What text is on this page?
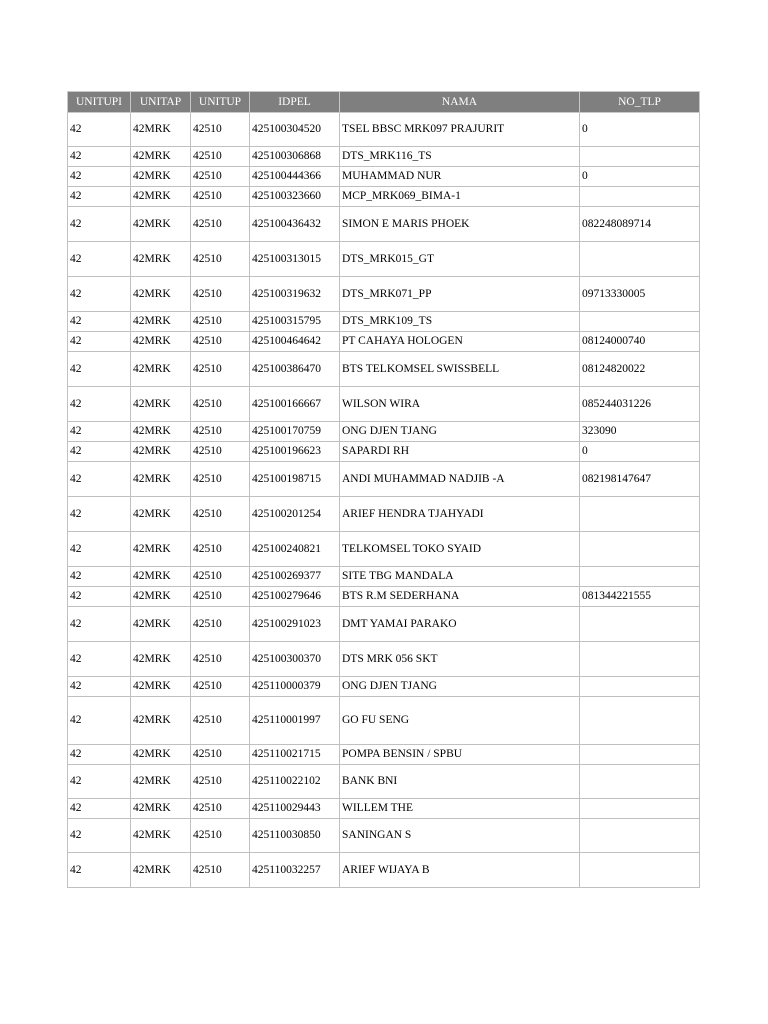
UNITUPI	UNITAP	UNITUP	IDPEL	NAMA	NO_TLP
42	42MRK	42510	425100304520	TSEL BBSC MRK097 PRAJURIT	0
42	42MRK	42510	425100306868	DTS_MRK116_TS	
42	42MRK	42510	425100444366	MUHAMMAD NUR	0
42	42MRK	42510	425100323660	MCP_MRK069_BIMA-1	
42	42MRK	42510	425100436432	SIMON E MARIS PHOEK	082248089714
42	42MRK	42510	425100313015	DTS_MRK015_GT	
42	42MRK	42510	425100319632	DTS_MRK071_PP	09713330005
42	42MRK	42510	425100315795	DTS_MRK109_TS	
42	42MRK	42510	425100464642	PT CAHAYA HOLOGEN	08124000740
42	42MRK	42510	425100386470	BTS TELKOMSEL SWISSBELL	08124820022
42	42MRK	42510	425100166667	WILSON WIRA	085244031226
42	42MRK	42510	425100170759	ONG DJEN TJANG	323090
42	42MRK	42510	425100196623	SAPARDI RH	0
42	42MRK	42510	425100198715	ANDI MUHAMMAD NADJIB -A	082198147647
42	42MRK	42510	425100201254	ARIEF HENDRA TJAHYADI	
42	42MRK	42510	425100240821	TELKOMSEL TOKO SYAID	
42	42MRK	42510	425100269377	SITE TBG MANDALA	
42	42MRK	42510	425100279646	BTS R.M SEDERHANA	081344221555
42	42MRK	42510	425100291023	DMT YAMAI PARAKO	
42	42MRK	42510	425100300370	DTS MRK 056 SKT	
42	42MRK	42510	425110000379	ONG DJEN TJANG	
42	42MRK	42510	425110001997	GO FU SENG	
42	42MRK	42510	425110021715	POMPA BENSIN / SPBU	
42	42MRK	42510	425110022102	BANK BNI	
42	42MRK	42510	425110029443	WILLEM THE	
42	42MRK	42510	425110030850	SANINGAN S	
42	42MRK	42510	425110032257	ARIEF WIJAYA B	
